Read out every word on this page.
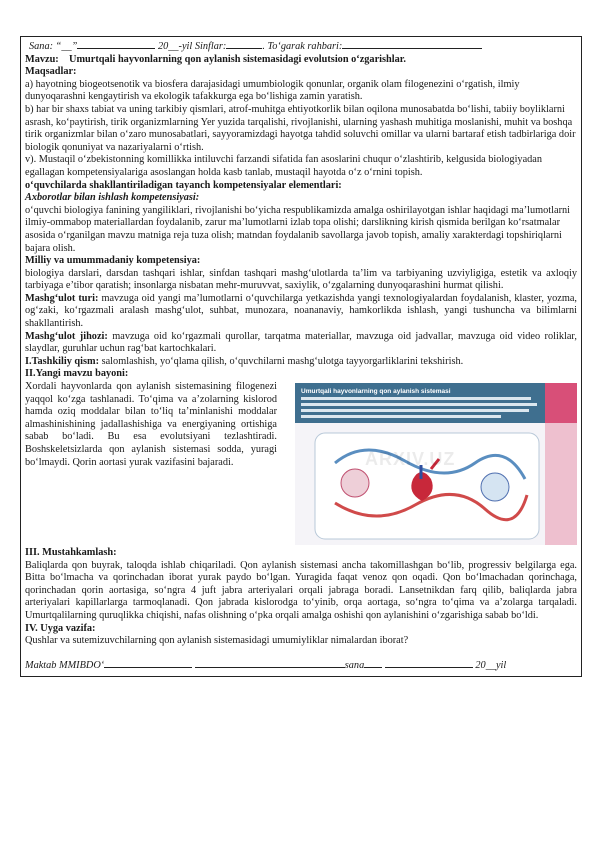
Sana: “__”	20__-yil Sinflar:	. To‘garak rahbari:
Mavzu: Umurtqali hayvonlarning qon aylanish sistemasidagi evolutsion o‘zgarishlar.
Maqsadlar:
a) hayotning biogeotsenotik va biosfera darajasidagi umumbiologik qonunlar, organik olam filogenezini o‘rgatish, ilmiy dunyoqarashni kengaytirish va ekologik tafakkurga ega bo‘lishiga zamin yaratish.
b) har bir shaxs tabiat va uning tarkibiy qismlari, atrof-muhitga ehtiyotkorlik bilan oqilona munosabatda bo‘lishi, tabiiy boyliklarni asrash, ko‘paytirish, tirik organizmlarning Yer yuzida tarqalishi, rivojlanishi, ularning yashash muhitiga moslanishi, muhit va boshqa tirik organizmlar bilan o‘zaro munosabatlari, sayyoramizdagi hayotga tahdid soluvchi omillar va ularni bartaraf etish tadbirlariga doir biologik qonuniyat va nazariyalarni o‘rtish.
v). Mustaqil o‘zbekistonning komillikka intiluvchi farzandi sifatida fan asoslarini chuqur o‘zlashtirib, kelgusida biologiyadan egallagan kompetensiyalariga asoslangan holda kasb tanlab, mustaqil hayotda o‘z o‘rnini topish.
o‘quvchilarda shakllantiriladigan tayanch kompetensiyalar elementlari:
Axborotlar bilan ishlash kompetensiyasi:
o‘quvchi biologiya fanining yangiliklari, rivojlanishi bo‘yicha respublikamizda amalga oshirilayotgan ishlar haqidagi ma’lumotlarni ilmiy-ommabop materiallardan foydalanib, zarur ma’lumotlarni izlab topa olishi; darslikning kirish qismida berilgan ko‘rsatmalar asosida o‘rganilgan mavzu matniga reja tuza olish; matndan foydalanib savollarga javob topish, amaliy xarakterdagi topshiriqlarni bajara olish.
Milliy va umummadaniy kompetensiya:
biologiya darslari, darsdan tashqari ishlar, sinfdan tashqari mashg‘ulotlarda ta’lim va tarbiyaning uzviyligiga, estetik va axloqiy tarbiyaga e’tibor qaratish; insonlarga nisbatan mehr-muruvvat, saxiylik, o‘zgalarning dunyoqarashini hurmat qilishi.
Mashg‘ulot turi: mavzuga oid yangi ma’lumotlarni o‘quvchilarga yetkazishda yangi texnologiyalardan foydalanish, klaster, yozma, og‘zaki, ko‘rgazmali aralash mashg‘ulot, suhbat, munozara, noananaviy, hamkorlikda ishlash, yangi tushuncha va bilimlarni shakllantirish.
Mashg‘ulot jihozi: mavzuga oid ko‘rgazmali qurollar, tarqatma materiallar, mavzuga oid jadvallar, mavzuga oid video roliklar, slaydlar, guruhlar uchun rag‘bat kartochkalari.
I.Tashkiliy qism: salomlashish, yo‘qlama qilish, o‘quvchilarni mashg‘ulotga tayyorgarliklarini tekshirish.
II.Yangi mavzu bayoni:
Umurtqali hayvonlarning qon aylanish sistemasi
Xordali hayvonlarda qon aylanish sistemasining filogenezi yaqqol ko‘zga tashlanadi. To‘qima va a’zolarning kislorod hamda oziq moddalar bilan to‘liq ta’minlanishi moddalar almashinishining jadallashishiga va energiyaning ortishiga sabab bo‘ladi. Bu esa evolutsiyani tezlashtiradi. Boshskeletsizlarda qon aylanish sistemasi sodda, yuragi bo‘lmaydi. Qorin aortasi yurak vazifasini bajaradi.
III. Mustahkamlash:
Baliqlarda qon buyrak, taloqda ishlab chiqariladi. Qon aylanish sistemasi ancha takomillashgan bo‘lib, progressiv belgilarga ega. Bitta bo‘lmacha va qorinchadan iborat yurak paydo bo‘lgan. Yuragida faqat venoz qon oqadi. Qon bo‘lmachadan qorinchaga, qorinchadan qorin aortasiga, so‘ngra 4 juft jabra arteriyalari orqali jabraga boradi. Lansetnikdan farq qilib, baliqlarda jabra arteriyalari kapillarlarga tarmoqlanadi. Qon jabrada kislorodga to‘yinib, orqa aortaga, so‘ngra to‘qima va a’zolarga tarqaladi. Umurtqalilarning quruqlikka chiqishi, nafas olishning o‘pka orqali amalga oshishi qon aylanishini o‘zgarishiga sabab bo‘ldi.
IV. Uyga vazifa:
Qushlar va sutemizuvchilarning qon aylanish sistemasidagi umumiyliklar nimalardan iborat?
Maktab MMIBDO‘	sana	20__yil
